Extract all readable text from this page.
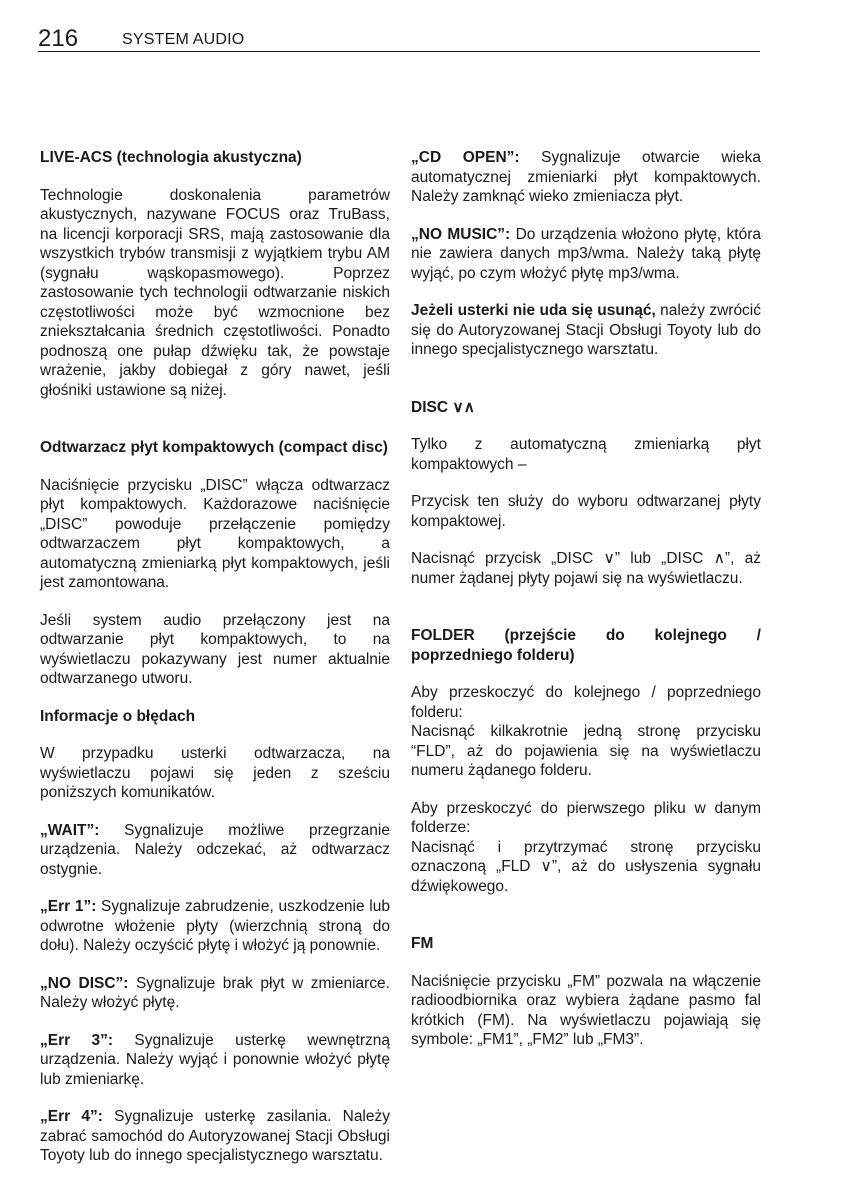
216	SYSTEM AUDIO

LIVE-ACS (technologia akustyczna)

Technologie doskonalenia parametrów akustycznych, nazywane FOCUS oraz TruBass, na licencji korporacji SRS, mają zastosowanie dla wszystkich trybów transmisji z wyjątkiem trybu AM (sygnału wąskopasmowego). Poprzez zastosowanie tych technologii odtwarzanie niskich częstotliwości może być wzmocnione bez zniekształcania średnich częstotliwości. Ponadto podnoszą one pułap dźwięku tak, że powstaje wrażenie, jakby dobiegał z góry nawet, jeśli głośniki ustawione są niżej.

Odtwarzacz płyt kompaktowych (compact disc)

Naciśnięcie przycisku „DISC” włącza odtwarzacz płyt kompaktowych. Każdorazowe naciśnięcie „DISC” powoduje przełączenie pomiędzy odtwarzaczem płyt kompaktowych, a automatyczną zmieniarką płyt kompaktowych, jeśli jest zamontowana.

Jeśli system audio przełączony jest na odtwarzanie płyt kompaktowych, to na wyświetlaczu pokazywany jest numer aktualnie odtwarzanego utworu.

Informacje o błędach

W przypadku usterki odtwarzacza, na wyświetlaczu pojawi się jeden z sześciu poniższych komunikatów.

„WAIT”: Sygnalizuje możliwe przegrzanie urządzenia. Należy odczekać, aż odtwarzacz ostygnie.

„Err 1”: Sygnalizuje zabrudzenie, uszkodzenie lub odwrotne włożenie płyty (wierzchnią stroną do dołu). Należy oczyścić płytę i włożyć ją ponownie.

„NO DISC”: Sygnalizuje brak płyt w zmieniarce. Należy włożyć płytę.

„Err 3”: Sygnalizuje usterkę wewnętrzną urządzenia. Należy wyjąć i ponownie włożyć płytę lub zmieniarkę.

„Err 4”: Sygnalizuje usterkę zasilania. Należy zabrać samochód do Autoryzowanej Stacji Obsługi Toyoty lub do innego specjalistycznego warsztatu.

„CD OPEN”: Sygnalizuje otwarcie wieka automatycznej zmieniarki płyt kompaktowych. Należy zamknąć wieko zmieniacza płyt.

„NO MUSIC”: Do urządzenia włożono płytę, która nie zawiera danych mp3/wma. Należy taką płytę wyjąć, po czym włożyć płytę mp3/wma.

Jeżeli usterki nie uda się usunąć, należy zwrócić się do Autoryzowanej Stacji Obsługi Toyoty lub do innego specjalistycznego warsztatu.

DISC ∨∧

Tylko z automatyczną zmieniarką płyt kompaktowych –

Przycisk ten służy do wyboru odtwarzanej płyty kompaktowej.

Nacisnąć przycisk „DISC ∨” lub „DISC ∧”, aż numer żądanej płyty pojawi się na wyświetlaczu.

FOLDER (przejście do kolejnego / poprzedniego folderu)

Aby przeskoczyć do kolejnego / poprzedniego folderu:
Nacisnąć kilkakrotnie jedną stronę przycisku “FLD”, aż do pojawienia się na wyświetlaczu numeru żądanego folderu.

Aby przeskoczyć do pierwszego pliku w danym folderze:
Nacisnąć i przytrzymać stronę przycisku oznaczoną „FLD ∨”, aż do usłyszenia sygnału dźwiękowego.

FM

Naciśnięcie przycisku „FM” pozwala na włączenie radioodbiornika oraz wybiera żądane pasmo fal krótkich (FM). Na wyświetlaczu pojawiają się symbole: „FM1”, „FM2” lub „FM3”.
